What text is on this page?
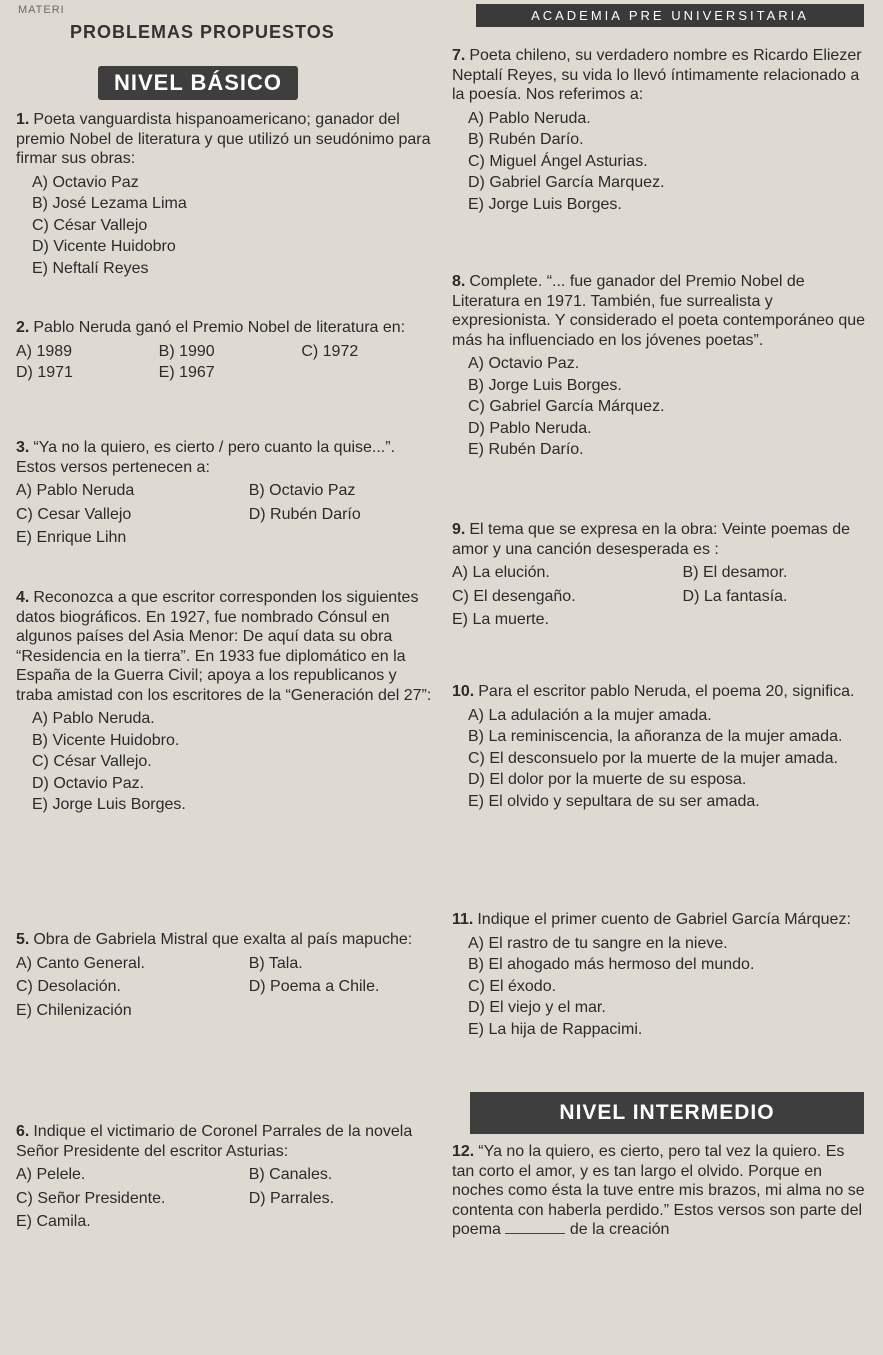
MATERI
PROBLEMAS PROPUESTOS
ACADEMIA PRE UNIVERSITARIA
NIVEL BÁSICO
1. Poeta vanguardista hispanoamericano; ganador del premio Nobel de literatura y que utilizó un seudónimo para firmar sus obras:
A) Octavio Paz
B) José Lezama Lima
C) César Vallejo
D) Vicente Huidobro
E) Neftalí Reyes
2. Pablo Neruda ganó el Premio Nobel de literatura en:
A) 1989	B) 1990	C) 1972
D) 1971	E) 1967
3. “Ya no la quiero, es cierto / pero cuanto la quise...”. Estos versos pertenecen a:
A) Pablo Neruda	B) Octavio Paz
C) Cesar Vallejo	D) Rubén Darío
E) Enrique Lihn
4. Reconozca a que escritor corresponden los siguientes datos biográficos. En 1927, fue nombrado Cónsul en algunos países del Asia Menor: De aquí data su obra “Residencia en la tierra”. En 1933 fue diplomático en la España de la Guerra Civil; apoya a los republicanos y traba amistad con los escritores de la “Generación del 27”:
A) Pablo Neruda.
B) Vicente Huidobro.
C) César Vallejo.
D) Octavio Paz.
E) Jorge Luis Borges.
5. Obra de Gabriela Mistral que exalta al país mapuche:
A) Canto General.	B) Tala.
C) Desolación.	D) Poema a Chile.
E) Chilenización
6. Indique el victimario de Coronel Parrales de la novela Señor Presidente del escritor Asturias:
A) Pelele.	B) Canales.
C) Señor Presidente.	D) Parrales.
E) Camila.
7. Poeta chileno, su verdadero nombre es Ricardo Eliezer Neptalí Reyes, su vida lo llevó íntimamente relacionado a la poesía. Nos referimos a:
A) Pablo Neruda.
B) Rubén Darío.
C) Miguel Ángel Asturias.
D) Gabriel García Marquez.
E) Jorge Luis Borges.
8. Complete. “... fue ganador del Premio Nobel de Literatura en 1971. También, fue surrealista y expresionista. Y considerado el poeta contemporáneo que más ha influenciado en los jóvenes poetas”.
A) Octavio Paz.
B) Jorge Luis Borges.
C) Gabriel García Márquez.
D) Pablo Neruda.
E) Rubén Darío.
9. El tema que se expresa en la obra: Veinte poemas de amor y una canción desesperada es :
A) La elución.	B) El desamor.
C) El desengaño.	D) La fantasía.
E) La muerte.
10. Para el escritor pablo Neruda, el poema 20, significa.
A) La adulación a la mujer amada.
B) La reminiscencia, la añoranza de la mujer amada.
C) El desconsuelo por la muerte de la mujer amada.
D) El dolor por la muerte de su esposa.
E) El olvido y sepultara de su ser amada.
11. Indique el primer cuento de Gabriel García Márquez:
A) El rastro de tu sangre en la nieve.
B) El ahogado más hermoso del mundo.
C) El éxodo.
D) El viejo y el mar.
E) La hija de Rappacimi.
NIVEL INTERMEDIO
12. “Ya no la quiero, es cierto, pero tal vez la quiero. Es tan corto el amor, y es tan largo el olvido. Porque en noches como ésta la tuve entre mis brazos, mi alma no se contenta con haberla perdido.” Estos versos son parte del poema	de la creación
